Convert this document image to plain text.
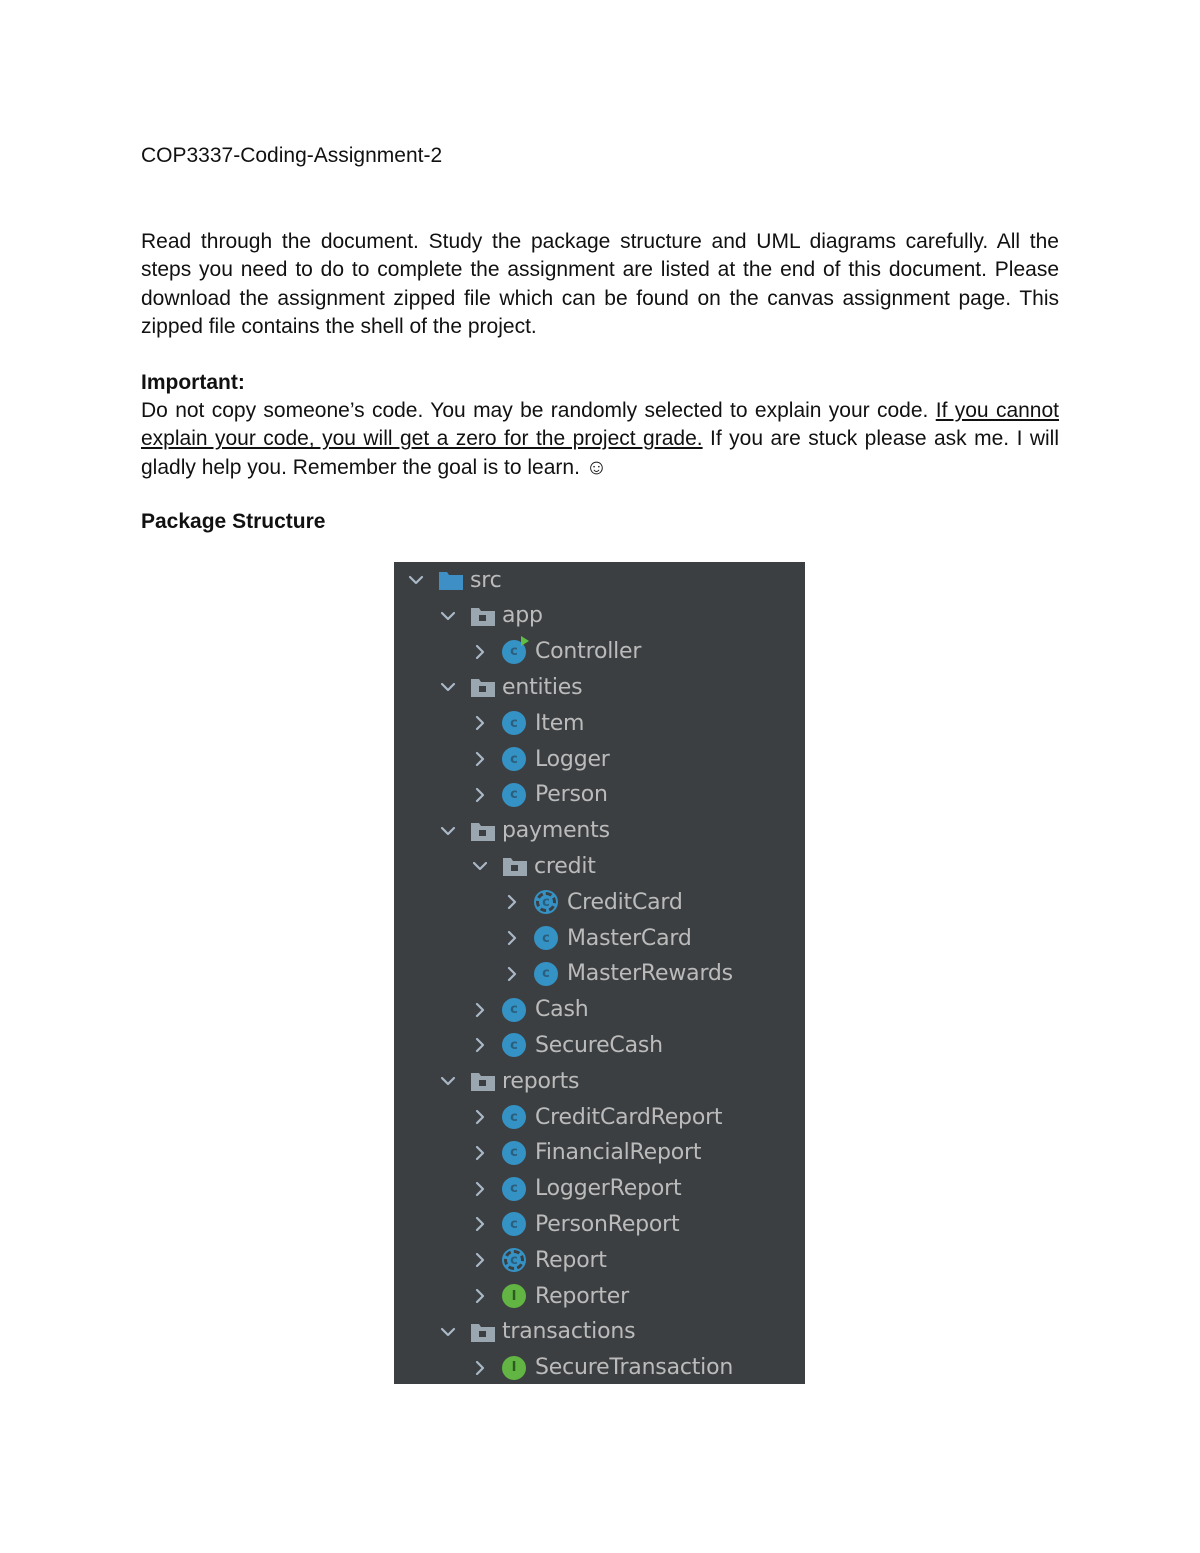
COP3337-Coding-Assignment-2
Read through the document. Study the package structure and UML diagrams carefully. All the steps you need to do to complete the assignment are listed at the end of this document. Please download the assignment zipped file which can be found on the canvas assignment page. This zipped file contains the shell of the project.
Important:
Do not copy someone’s code. You may be randomly selected to explain your code. If you cannot explain your code, you will get a zero for the project grade. If you are stuck please ask me. I will gladly help you. Remember the goal is to learn. ☺
Package Structure
src
app
c Controller
entities
c Item
c Logger
c Person
payments
credit
c CreditCard
c MasterCard
c MasterRewards
c Cash
c SecureCash
reports
c CreditCardReport
c FinancialReport
c LoggerReport
c PersonReport
c Report
I Reporter
transactions
I SecureTransaction
